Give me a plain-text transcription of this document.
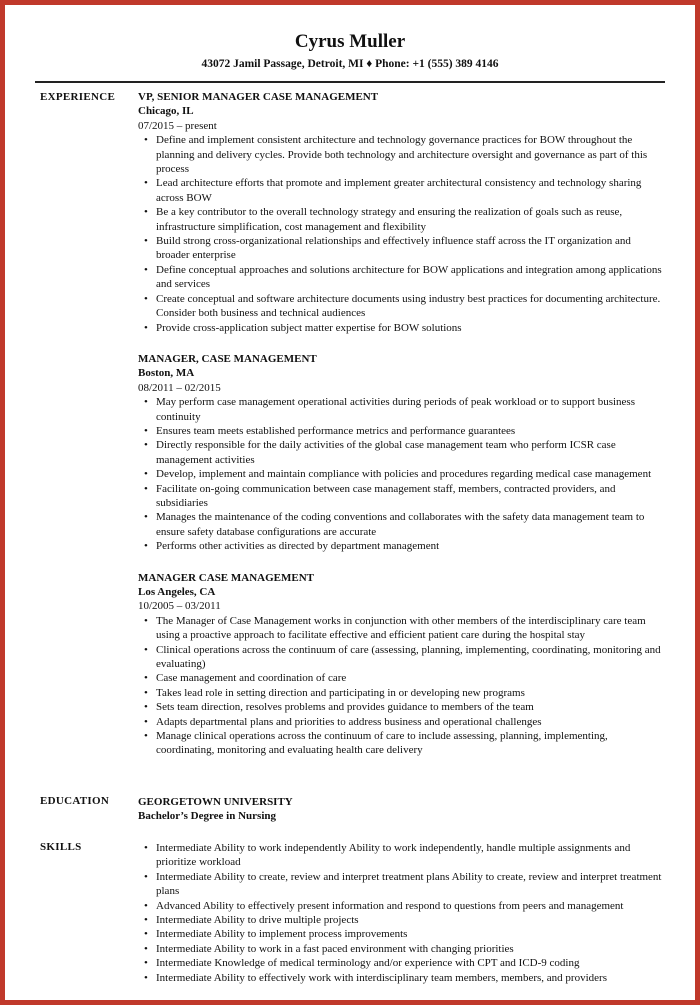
Cyrus Muller
43072 Jamil Passage, Detroit, MI ♦ Phone: +1 (555) 389 4146
EXPERIENCE VP, SENIOR MANAGER CASE MANAGEMENT
Chicago, IL
07/2015 – present
• Define and implement consistent architecture and technology governance practices for BOW throughout the planning and delivery cycles. Provide both technology and architecture oversight and governance as part of this process
• Lead architecture efforts that promote and implement greater architectural consistency and technology sharing across BOW
• Be a key contributor to the overall technology strategy and ensuring the realization of goals such as reuse, infrastructure simplification, cost management and flexibility
• Build strong cross-organizational relationships and effectively influence staff across the IT organization and broader enterprise
• Define conceptual approaches and solutions architecture for BOW applications and integration among applications and services
• Create conceptual and software architecture documents using industry best practices for documenting architecture. Consider both business and technical audiences
• Provide cross-application subject matter expertise for BOW solutions
MANAGER, CASE MANAGEMENT
Boston, MA
08/2011 – 02/2015
• May perform case management operational activities during periods of peak workload or to support business continuity
• Ensures team meets established performance metrics and performance guarantees
• Directly responsible for the daily activities of the global case management team who perform ICSR case management activities
• Develop, implement and maintain compliance with policies and procedures regarding medical case management
• Facilitate on-going communication between case management staff, members, contracted providers, and subsidiaries
• Manages the maintenance of the coding conventions and collaborates with the safety data management team to ensure safety database configurations are accurate
• Performs other activities as directed by department management
MANAGER CASE MANAGEMENT
Los Angeles, CA
10/2005 – 03/2011
• The Manager of Case Management works in conjunction with other members of the interdisciplinary care team using a proactive approach to facilitate effective and efficient patient care during the hospital stay
• Clinical operations across the continuum of care (assessing, planning, implementing, coordinating, monitoring and evaluating)
• Case management and coordination of care
• Takes lead role in setting direction and participating in or developing new programs
• Sets team direction, resolves problems and provides guidance to members of the team
• Adapts departmental plans and priorities to address business and operational challenges
• Manage clinical operations across the continuum of care to include assessing, planning, implementing, coordinating, monitoring and evaluating health care delivery
EDUCATION	GEORGETOWN UNIVERSITY
Bachelor’s Degree in Nursing
SKILLS
•	Intermediate Ability to work independently Ability to work independently, handle multiple assignments and prioritize workload
• Intermediate Ability to create, review and interpret treatment plans Ability to create, review and interpret treatment plans
• Advanced Ability to effectively present information and respond to questions from peers and management
• Intermediate Ability to drive multiple projects
• Intermediate Ability to implement process improvements
• Intermediate Ability to work in a fast paced environment with changing priorities
• Intermediate Knowledge of medical terminology and/or experience with CPT and ICD-9 coding
• Intermediate Ability to effectively work with interdisciplinary team members, members, and providers
